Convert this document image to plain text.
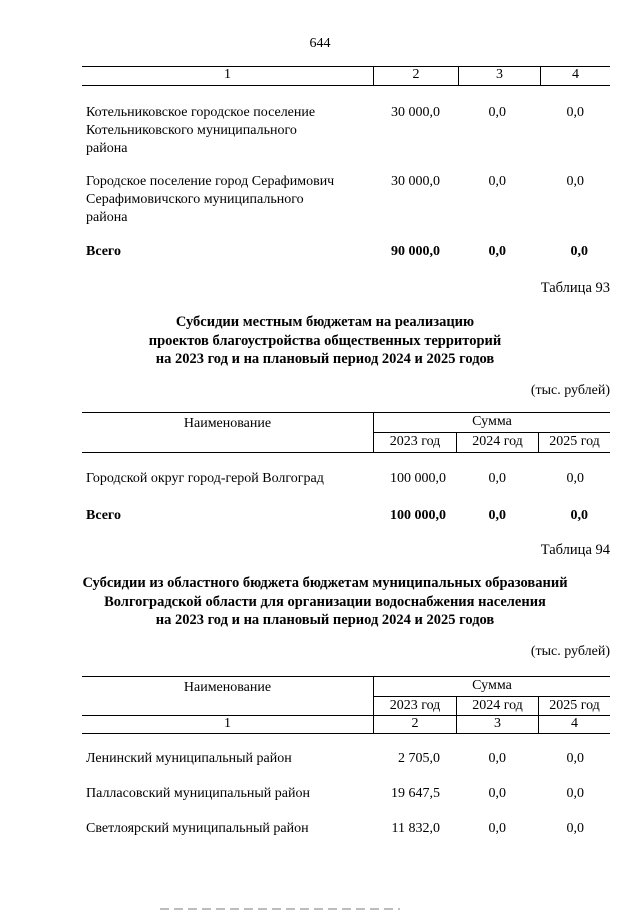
644
1	2	3	4
Котельниковское городское поселение
Котельниковского муниципального
района
30 000,0	0,0	0,0
Городское поселение город Серафимович
Серафимовичского муниципального
района
30 000,0	0,0	0,0
Всего	90 000,0	0,0	0,0
Таблица 93
Субсидии местным бюджетам на реализацию
проектов благоустройства общественных территорий
на 2023 год и на плановый период 2024 и 2025 годов
(тыс. рублей)
Наименование	Сумма
2023 год	2024 год	2025 год
Городской округ город-герой Волгоград	100 000,0	0,0	0,0
Всего	100 000,0	0,0	0,0
Таблица 94
Субсидии из областного бюджета бюджетам муниципальных образований
Волгоградской области для организации водоснабжения населения
на 2023 год и на плановый период 2024 и 2025 годов
(тыс. рублей)
Наименование	Сумма
2023 год	2024 год	2025 год
1	2	3	4
Ленинский муниципальный район	2 705,0	0,0	0,0
Палласовский муниципальный район	19 647,5	0,0	0,0
Светлоярский муниципальный район	11 832,0	0,0	0,0
